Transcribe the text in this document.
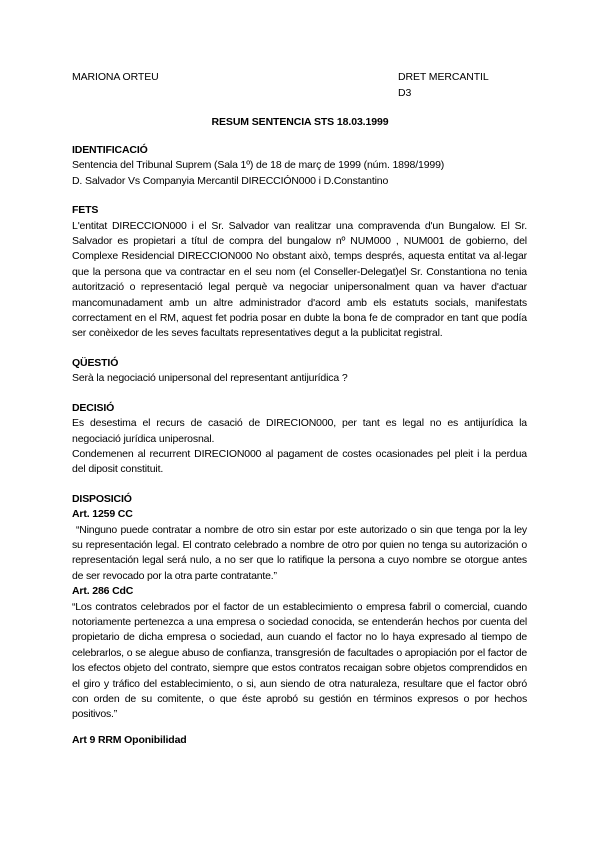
MARIONA ORTEU	DRET MERCANTIL
D3
RESUM SENTENCIA STS 18.03.1999

IDENTIFICACIÓ

Sentencia del Tribunal Suprem (Sala 1º) de 18 de març de 1999 (núm. 1898/1999)

D. Salvador Vs Companyia Mercantil DIRECCIÓN000 i D.Constantino

FETS

L'entitat DIRECCION000 i el Sr. Salvador van realitzar una compravenda d'un Bungalow. El Sr. Salvador es propietari a títul de compra del bungalow nº NUM000 , NUM001 de gobierno, del Complexe Residencial DIRECCION000 No obstant això, temps després, aquesta entitat va al·legar que la persona que va contractar en el seu nom (el Conseller-Delegat)el Sr. Constantiona no tenia autorització o representació legal perquè va negociar unipersonalment quan va haver d'actuar mancomunadament amb un altre administrador d'acord amb els estatuts socials, manifestats correctament en el RM, aquest fet podria posar en dubte la bona fe de comprador en tant que podía ser conèixedor de les seves facultats representatives degut a la publicitat registral.

QÜESTIÓ

Serà la negociació unipersonal del representant antijurídica ?

DECISIÓ

Es desestima el recurs de casació de DIRECION000, per tant es legal no es antijurídica la negociació jurídica uniperosnal.

Condemenen al recurrent DIRECION000 al pagament de costes ocasionades pel pleit i la perdua del diposit constituit.

DISPOSICIÓ

Art. 1259 CC

“Ninguno puede contratar a nombre de otro sin estar por este autorizado o sin que tenga por la ley su representación legal. El contrato celebrado a nombre de otro por quien no tenga su autorización o representación legal será nulo, a no ser que lo ratifique la persona a cuyo nombre se otorgue antes de ser revocado por la otra parte contratante.”

Art. 286 CdC

“Los contratos celebrados por el factor de un establecimiento o empresa fabril o comercial, cuando notoriamente pertenezca a una empresa o sociedad conocida, se entenderán hechos por cuenta del propietario de dicha empresa o sociedad, aun cuando el factor no lo haya expresado al tiempo de celebrarlos, o se alegue abuso de confianza, transgresión de facultades o apropiación por el factor de los efectos objeto del contrato, siempre que estos contratos recaigan sobre objetos comprendidos en el giro y tráfico del establecimiento, o si, aun siendo de otra naturaleza, resultare que el factor obró con orden de su comitente, o que éste aprobó su gestión en términos expresos o por hechos positivos.”

Art 9 RRM Oponibilidad
